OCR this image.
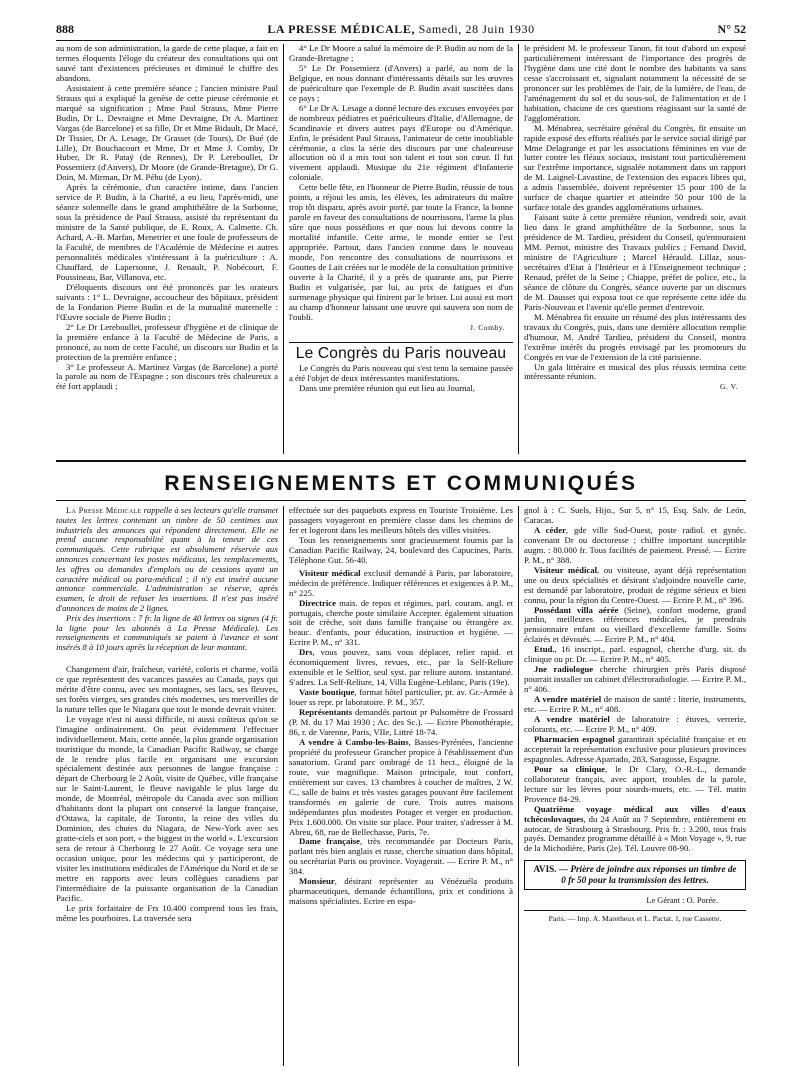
888	LA PRESSE MÉDICALE, Samedi, 28 Juin 1930	N° 52

au nom de son administration, la garde de cette plaque, a fait en termes éloquents l'éloge du créateur des consultations qui ont sauvé tant d'existences précieuses et diminué le chiffre des abandons.

Assistaient à cette première séance ; l'ancien ministre Paul Strauss qui a expliqué la genèse de cette pieuse cérémonie et marqué sa signification ; Mme Paul Strauss, Mme Pierre Budin, Dr L. Devraigne et Mme Devraigne, Dr A. Martinez Vargas (de Barcelone) et sa fille, Dr et Mme Bidault, Dr Macé, Dr Tissier, Dr A. Lesage, Dr Grasset (de Tours), Dr Bué (de Lille), Dr Bouchacourt et Mme, Dr et Mme J. Comby, Dr Huber, Dr R. Pataÿ (de Rennes), Dr P. Lereboullet, Dr Possemierz (d'Anvers), Dr Moore (de Grande-Bretagne), Dr G. Doin, M. Mirman, Dr M. Péhu (de Lyon).

Après la cérémonie, d'un caractère intime, dans l'ancien service de P. Budin, à la Charité, a eu lieu, l'après-midi, une séance solennelle dans le grand amphithéâtre de la Sorbonne, sous la présidence de Paul Strauss, assisté du représentant du ministre de la Santé publique, de E. Roux, A. Calmette. Ch. Achard, A.-B. Marfan, Menetrier et une foule de professeurs de la Faculté, de membres de l'Académie de Médecine et autres personnalités médicales s'intéressant à la puériculture : A. Chauffard, de Lapersonne, J. Renault, P. Nobécourt, F. Poussineau, Bar, Villanova, etc.

D'éloquents discours ont été prononcés par les orateurs suivants : 1° L. Devraigne, accoucheur des hôpitaux, président de la Fondation Pierre Budin et de la mutualité maternelle : l'Œuvre sociale de Pierre Budin ;

2° Le Dr Lereboullet, professeur d'hygiène et de clinique de la première enfance à la Faculté de Médecine de Paris, a prononcé, au nom de cette Faculté, un discours sur Budin et la protection de la première enfance ;

3° Le professeur A. Martinez Vargas (de Barcelone) a porté la parole au nom de l'Espagne ; son discours très chaleureux a été fort applaudi ;

4° Le Dr Moore a salué la mémoire de P. Budin au nom de la Grande-Bretagne ;

5° Le Dr Possemierz (d'Anvers) a parlé, au nom de la Belgique, en nous donnant d'intéressants détails sur les œuvres de puériculture que l'exemple de P. Budin avait suscitées dans ce pays ;

6° Le Dr A. Lesage a donné lecture des excuses envoyées par de nombreux pédiatres et puériculteurs d'Italie, d'Allemagne, de Scandinavie et divers autres pays d'Europe ou d'Amérique. Enfin, le président Paul Strauss, l'animateur de cette inoubliable cérémonie, a clos la série des discours par une chaleureuse allocution où il a mis tout son talent et tout son cœur. Il fut vivement applaudi. Musique du 21e régiment d'Infanterie coloniale.

Cette belle fête, en l'honneur de Pierre Budin, réussie de tous points, a réjoui les amis, les élèves, les admirateurs du maître trop tôt disparu, après avoir porté, par toute la France, la bonne parole en faveur des consultations de nourrissons, l'arme la plus sûre que nous possédions et que nous lui devons contre la mortalité infantile. Cette arme, le monde entier se l'est appropriée. Partout, dans l'ancien comme dans le nouveau monde, l'on rencontre des consultations de nourrissons et Gouttes de Lait créées sur le modèle de la consultation primitive ouverte à la Charité, il y a près de quarante ans, par Pierre Budin et vulgarisée, par lui, au prix de fatigues et d'un surmenage physique qui finirent par le briser. Lui aussi est mort au champ d'honneur laissant une œuvre qui sauvera son nom de l'oubli.

J. Comby.

Le Congrès du Paris nouveau

Le Congrès du Paris nouveau qui s'est tenu la semaine passée a été l'objet de deux intéressantes manifestations.

Dans une première réunion qui eut lieu au Journal,

le président M. le professeur Tanon, fit tout d'abord un exposé particulièrement intéressant de l'importance des progrès de l'hygiène dans une cité dont le nombre des habitants va sans cesse s'accroissant et, signalant notamment la nécessité de se prononcer sur les problèmes de l'air, de la lumière, de l'eau, de l'aménagement du sol et du sous-sol, de l'alimentation et de l habitation, chacune de ces questions réagissant sur la santé de l'agglomération.

M. Ménabrea, secrétaire général du Congrès, fit ensuite un rapide exposé des efforts réalisés par le service social dirigé par Mme Delagrange et par les associations féminines en vue de lutter contre les fléaux sociaux, insistant tout particulièrement sur l'extrême importance, signalée notamment dans un rapport de M. Laignel-Lavastine, de l'extension des espaces libres qui, a admis l'assemblée, doivent représenter 15 pour 100 de la surface de chaque quartier et atteindre 50 pour 100 de la surface totale des grandes agglomérations urbaines.

Faisant suite à cette première réunion, vendredi soir, avait lieu dans le grand amphithéâtre de la Sorbonne, sous la présidence de M. Tardieu, président du Conseil, qu'entouraient MM. Pernot, ministre des Travaux publics ; Fernand David, ministre de l'Agriculture ; Marcel Hérauld. Lillaz, sous-secrétaires d'Etat à l'Intérieur et à l'Enseignement technique ; Renaud, préfet de la Seine ; Chiappe, préfet de police, etc., la séance de clôture du Congrès, séance ouverte par un discours de M. Dausset qui exposa tout ce que représente cette idée du Paris-Nouveau et l'avenir qu'elle permet d'entrevoir.

M. Ménabrea fit ensuite un résumé des plus intéressants des travaux du Congrès, puis, dans une dernière allocution remplie d'humour, M. André Tardieu, président du Conseil, montra l'extrême intérêt du progrès envisagé par les promoteurs du Congrès en vue de l'extension de la cité parisienne.

Un gala littéraire et musical des plus réussis termina cette intéressante réunion.

G. V.

RENSEIGNEMENTS ET COMMUNIQUÉS

La Presse Médicale rappelle à ses lecteurs qu'elle transmet toutes les lettres contenant un timbre de 50 centimes aux industriels des annonces qui répondent directement. Elle ne prend aucune responsabilité quant à la teneur de ces communiqués. Cette rubrique est absolument réservée aux annonces concernant les postes médicaux, les remplacements, les offres ou demandes d'emplois ou de cessions ayant un caractère médical ou para-médical ; il n'y est inséré aucune annonce commerciale. L'administration se réserve, après examen, le droit de refuser les insertions. Il n'est pas inséré d'annonces de moins de 2 lignes.

Prix des insertions : 7 fr. la ligne de 40 lettres ou signes (4 fr. la ligne pour les abonnés à La Presse Médicale). Les renseignements et communiqués se paient à l'avance et sont insérés 8 à 10 jours après la réception de leur montant.

Changement d'air, fraîcheur, variété, coloris et charme, voilà ce que représentent des vacances passées au Canada, pays qui mérite d'être connu, avec ses montagnes, ses lacs, ses fleuves, ses forêts vierges, ses grandes cités modernes, ses merveilles de la nature telles que le Niagara que tout le monde devrait visiter.

Le voyage n'est ni aussi difficile, ni aussi coûteux qu'on se l'imagine ordinairement. On peut évidemment l'effectuer individuellement. Mais, cette année, la plus grande organisation touristique du monde, la Canadian Pacific Railway, se charge de le rendre plus facile en organisant une excursion spécialement destinée aux personnes de langue française : départ de Cherbourg le 2 Août, visite de Québec, ville française sur le Saint-Laurent, le fleuve navigable le plus large du monde, de Montréal, métropole du Canada avec son million d'habitants dont la plupart ont conservé la langue française, d'Ottawa, la capitale, de Toronto, la reine des villes du Dominion, des chutes du Niagara, de New-York avec ses gratte-ciels et son port, « the biggest in the world ». L'excursion sera de retour à Cherbourg le 27 Août. Ce voyage sera une occasion unique, pour les médecins qui y participeront, de visiter les institutions médicales de l'Amérique du Nord et de se mettre en rapports avec leurs collègues canadiens par l'intermédiaire de la puissante organisation de la Canadian Pacific.

Le prix forfaitaire de Frs 10.400 comprend tous les frais, même les pourboires. La traversée sera

effectuée sur des paquebots express en Touriste Troisième. Les passagers voyageront en première classe dans les chemins de fer et logeront dans les meilleurs hôtels des villes visitées.

Tous les renseignements sont gracieusement fournis par la Canadian Pacific Railway, 24, boulevard des Capucines, Paris. Téléphone Gut. 56-40.

Visiteur médical exclusif demandé à Paris, par laboratoire, médecin de préférence. Indiquer références et exigences à P. M., n° 225.

Directrice mais. de repos et régimes, parl. couram. angl. et portugais, cherche poste similaire Accepter. également situation soit de crèche, soit dans famille française ou étrangère av. beauc. d'enfants, pour éducation, instruction et hygiène. — Ecrire P. M., n° 331.

Drs, vous pouvez, sans vous déplacer, relier rapid. et économiquement livres, revues, etc., par la Self-Reliure extensible et le Selfior, seul syst. par reliure autom. instantané. S'adres. La Self-Reliure, 14, Villa Eugène-Leblanc, Paris (19e).

Vaste boutique, format hôtel particulier, pr. av. Gr.-Armée à louer ss repr. pr laboratoire. P. M., 357.

Représentants demandés partout pr Pulsomètre de Frossard (P. M. du 17 Mai 1930 ; Ac. des Sc.). — Ecrire Phonothérapie, 86, r. de Varenne, Paris, VIIe, Littré 18-74.

A vendre à Cambo-les-Bains, Basses-Pyrénées, l'ancienne propriété du professeur Grancher propice à l'établissement d'un sanatorium. Grand parc ombragé de 11 hect., éloigné de la route, vue magnifique. Maison principale, tout confort, entièrement sur caves. 13 chambres à coucher de maîtres, 2 W. C., salle de bains et très vastes garages pouvant être facilement transformés en galerie de cure. Trois autres maisons indépendantes plus modestes Potager et verger en production. Prix 1.600.000. On visite sur place. Pour traiter, s'adresser à M. Abreu, 68, rue de Bellechasse, Paris, 7e.

Dame française, très recommandée par Docteurs Paris, parlant très bien anglais et russe, cherche situation dans hôpital, ou secrétariat Paris ou province. Voyagerait. — Ecrire P. M., n° 384.

Monsieur, désirant représenter au Vénézuéla produits pharmaceutiques, demande échantillons, prix et conditions à maisons spécialistes. Ecrire en espa-

gnol à : C. Suels, Hijo., Sur 5, n° 15, Esq. Salv. de León, Caracas.

A céder, gde ville Sud-Ouest, poste radiol. et gynéc. convenant Dr ou doctoresse ; chiffre important susceptible augm. : 80.000 fr. Tous facilités de paiement. Pressé. — Ecrire P. M., n° 388.

Visiteur médical, ou visiteuse, ayant déjà représentation une ou deux spécialités et désirant s'adjoindre nouvelle carte, est demandé par laboratoire, produit de régime sérieux et bien connu, pour la région du Centre-Ouest. — Ecrire P. M., n° 396.

Possédant villa aérée (Seine), confort moderne, grand jardin, meilleures références médicales, je prendrais pensionnaire enfant ou vieillard d'excellente famille. Soins éclairés et dévoués. — Ecrire P. M., n° 404.

Etud., 16 inscript., parl. espagnol, cherche d'urg. sit. ds clinique ou pr. Dr. — Ecrire P. M., n° 405.

Jne radiologue cherche chirurgien près Paris disposé pourrait installer un cabinet d'électroradiologie. — Ecrire P. M., n° 406.

A vendre matériel de maison de santé : literie, instruments, etc. — Ecrire P. M., n° 408.

A vendre matériel de laboratoire : étuves, verrerie, colorants, etc. — Ecrire P. M., n° 409.

Pharmacien espagnol garantirait spécialité française et en accepterait la représentation exclusive pour plusieurs provinces espagnoles. Adresse Apartado, 283, Saragosse, Espagne.

Pour sa clinique, le Dr Clary, O.-R.-L., demande collaborateur français, avec apport, troubles de la parole, lecture sur les lèvres pour sourds-muets, etc. — Tél. matin Provence 84-29.

Quatrième voyage médical aux villes d'eaux tchécoslovaques, du 24 Août au 7 Septembre, entièrement en autocar, de Strasbourg à Strasbourg. Prix fr. : 3.200, tous frais payés. Demandez programme détaillé à « Mon Voyage », 9, rue de la Michodière, Paris (2e). Tél. Louvre 08-90.

AVIS. — Prière de joindre aux réponses un timbre de 0 fr 50 pour la transmission des lettres.
Le Gérant : O. Porée.
Paris. — Imp. A. Maretheux et L. Pactat, 1, rue Cassette.
